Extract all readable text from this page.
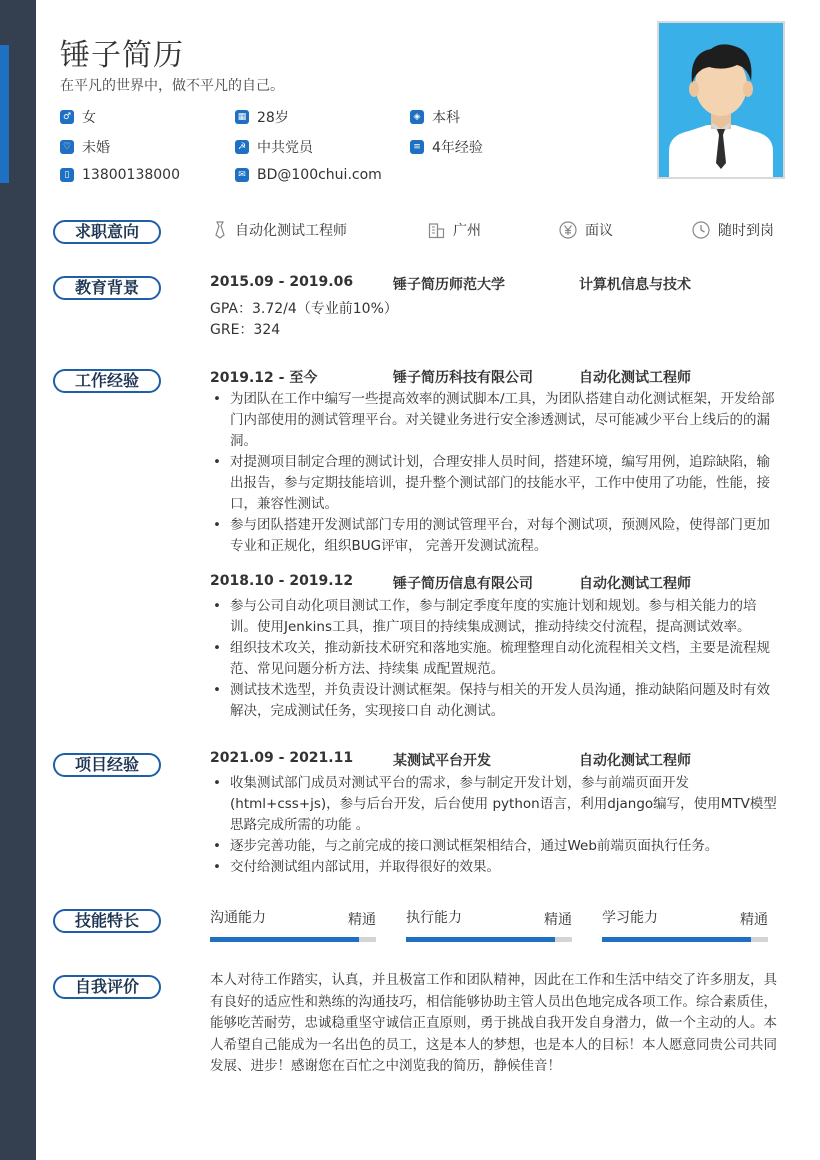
锤子简历
在平凡的世界中，做不平凡的自己。
♂ 女	▦ 28岁	◈ 本科
♡ 未婚	☭ 中共党员	≡ 4年经验
▯ 13800138000	✉ BD@100chui.com
求职意向	自动化测试工程师	广州	面议	随时到岗
教育背景	2015.09 - 2019.06	锤子简历师范大学	计算机信息与技术
GPA：3.72/4（专业前10%）
GRE：324
工作经验	2019.12 - 至今	锤子简历科技有限公司	自动化测试工程师
• 为团队在工作中编写一些提高效率的测试脚本/工具，为团队搭建自动化测试框架，开发给部门内部使用的测试管理平台。对关键业务进行安全渗透测试，尽可能减少平台上线后的的漏洞。
• 对提测项目制定合理的测试计划，合理安排人员时间，搭建环境，编写用例，追踪缺陷，输出报告，参与定期技能培训，提升整个测试部门的技能水平，工作中使用了功能，性能，接口，兼容性测试。
• 参与团队搭建开发测试部门专用的测试管理平台，对每个测试项，预测风险，使得部门更加专业和正规化，组织BUG评审， 完善开发测试流程。
2018.10 - 2019.12	锤子简历信息有限公司	自动化测试工程师
• 参与公司自动化项目测试工作，参与制定季度年度的实施计划和规划。参与相关能力的培训。使用Jenkins工具，推广项目的持续集成测试，推动持续交付流程，提高测试效率。
• 组织技术攻关，推动新技术研究和落地实施。梳理整理自动化流程相关文档，主要是流程规范、常见问题分析方法、持续集 成配置规范。
• 测试技术选型，并负责设计测试框架。保持与相关的开发人员沟通，推动缺陷问题及时有效解决，完成测试任务，实现接口自 动化测试。
项目经验	2021.09 - 2021.11	某测试平台开发	自动化测试工程师
• 收集测试部门成员对测试平台的需求，参与制定开发计划，参与前端页面开发(html+css+js)，参与后台开发，后台使用 python语言，利用django编写，使用MTV模型思路完成所需的功能 。
• 逐步完善功能，与之前完成的接口测试框架相结合，通过Web前端页面执行任务。
• 交付给测试组内部试用，并取得很好的效果。
技能特长	沟通能力	精通 执行能力	精通 学习能力	精通
自我评价	本人对待工作踏实，认真，并且极富工作和团队精神，因此在工作和生活中结交了许多朋友，具有良好的适应性和熟练的沟通技巧，相信能够协助主管人员出色地完成各项工作。综合素质佳，能够吃苦耐劳，忠诚稳重坚守诚信正直原则，勇于挑战自我开发自身潜力，做一个主动的人。本人希望自己能成为一名出色的员工，这是本人的梦想，也是本人的目标！本人愿意同贵公司共同发展、进步！感谢您在百忙之中浏览我的简历，静候佳音！
